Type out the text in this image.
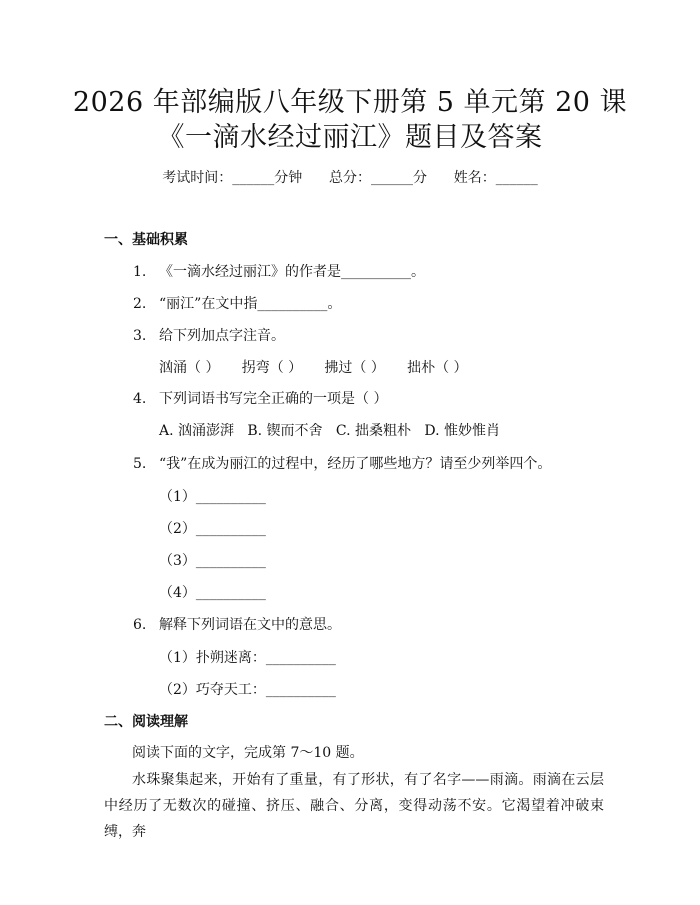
2026 年部编版八年级下册第 5 单元第 20 课
《一滴水经过丽江》题目及答案
考试时间：______分钟      总分：______分      姓名：______
一、基础积累
1. 《一滴水经过丽江》的作者是__________。
2. “丽江”在文中指__________。
3. 给下列加点字注音。
汹涌（ ）     拐弯（ ）     拂过（ ）     拙朴（ ）
4. 下列词语书写完全正确的一项是（ ）
A. 汹涌澎湃   B. 锲而不舍   C. 拙桑粗朴   D. 惟妙惟肖
5. “我”在成为丽江的过程中，经历了哪些地方？请至少列举四个。
（1）__________
（2）__________
（3）__________
（4）__________
6. 解释下列词语在文中的意思。
（1）扑朔迷离：__________
（2）巧夺天工：__________
二、阅读理解
阅读下面的文字，完成第 7～10 题。
水珠聚集起来，开始有了重量，有了形状，有了名字——雨滴。雨滴在云层中经历了无数次的碰撞、挤压、融合、分离，变得动荡不安。它渴望着冲破束缚，奔
